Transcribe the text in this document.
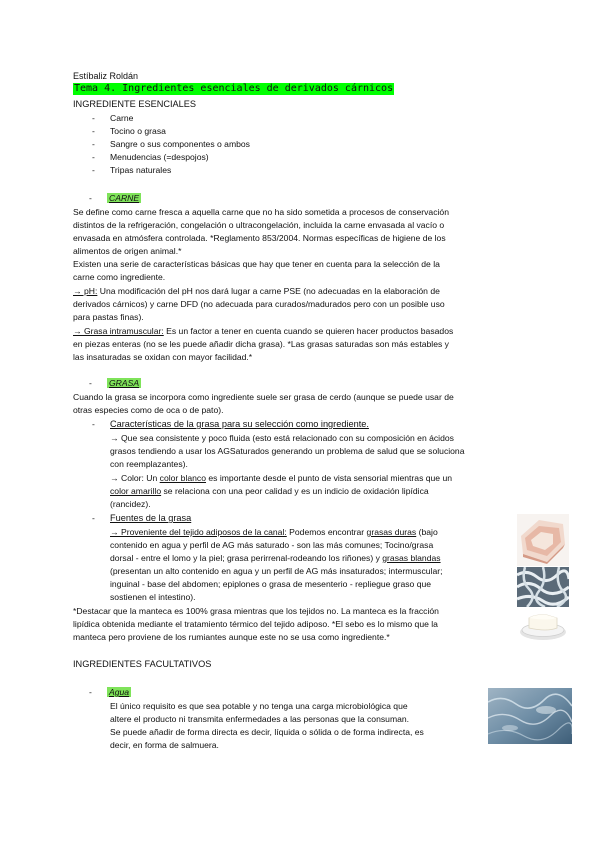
Estíbaliz Roldán
Tema 4. Ingredientes esenciales de derivados cárnicos
INGREDIENTE ESENCIALES
- Carne
- Tocino o grasa
- Sangre o sus componentes o ambos
- Menudencias (=despojos)
- Tripas naturales
- CARNE
Se define como carne fresca a aquella carne que no ha sido sometida a procesos de conservación
distintos de la refrigeración, congelación o ultracongelación, incluida la carne envasada al vacío o
envasada en atmósfera controlada. *Reglamento 853/2004. Normas específicas de higiene de los
alimentos de origen animal.*
Existen una serie de características básicas que hay que tener en cuenta para la selección de la
carne como ingrediente.
→ pH: Una modificación del pH nos dará lugar a carne PSE (no adecuadas en la elaboración de
derivados cárnicos) y carne DFD (no adecuada para curados/madurados pero con un posible uso
para pastas finas).
→ Grasa intramuscular: Es un factor a tener en cuenta cuando se quieren hacer productos basados
en piezas enteras (no se les puede añadir dicha grasa). *Las grasas saturadas son más estables y
las insaturadas se oxidan con mayor facilidad.*
- GRASA
Cuando la grasa se incorpora como ingrediente suele ser grasa de cerdo (aunque se puede usar de
otras especies como de oca o de pato).
- Características de la grasa para su selección como ingrediente.
→ Que sea consistente y poco fluida (esto está relacionado con su composición en ácidos
grasos tendiendo a usar los AGSaturados generando un problema de salud que se soluciona
con reemplazantes).
→ Color: Un color blanco es importante desde el punto de vista sensorial mientras que un
color amarillo se relaciona con una peor calidad y es un indicio de oxidación lipídica
(rancidez).
- Fuentes de la grasa
→ Proveniente del tejido adiposos de la canal: Podemos encontrar grasas duras (bajo
contenido en agua y perfil de AG más saturado - son las más comunes; Tocino/grasa
dorsal - entre el lomo y la piel; grasa perirrenal-rodeando los riñones) y grasas blandas
(presentan un alto contenido en agua y un perfil de AG más insaturados; intermuscular;
inguinal - base del abdomen; epiplones o grasa de mesenterio - repliegue graso que
sostienen el intestino).
*Destacar que la manteca es 100% grasa mientras que los tejidos no. La manteca es la fracción
lipídica obtenida mediante el tratamiento térmico del tejido adiposo. *El sebo es lo mismo que la
manteca pero proviene de los rumiantes aunque este no se usa como ingrediente.*
INGREDIENTES FACULTATIVOS
- Agua
El único requisito es que sea potable y no tenga una carga microbiológica que
altere el producto ni transmita enfermedades a las personas que la consuman.
Se puede añadir de forma directa es decir, líquida o sólida o de forma indirecta, es
decir, en forma de salmuera.
